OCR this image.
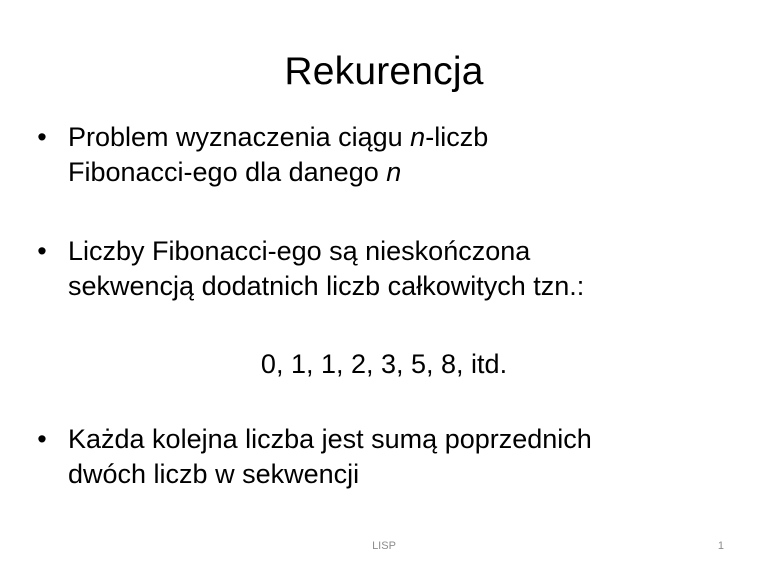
Rekurencja
• Problem wyznaczenia ciągu n-liczb
Fibonacci-ego dla danego n
• Liczby Fibonacci-ego są nieskończona
sekwencją dodatnich liczb całkowitych tzn.:
0, 1, 1, 2, 3, 5, 8, itd.
• Każda kolejna liczba jest sumą poprzednich
dwóch liczb w sekwencji
LISP	1
